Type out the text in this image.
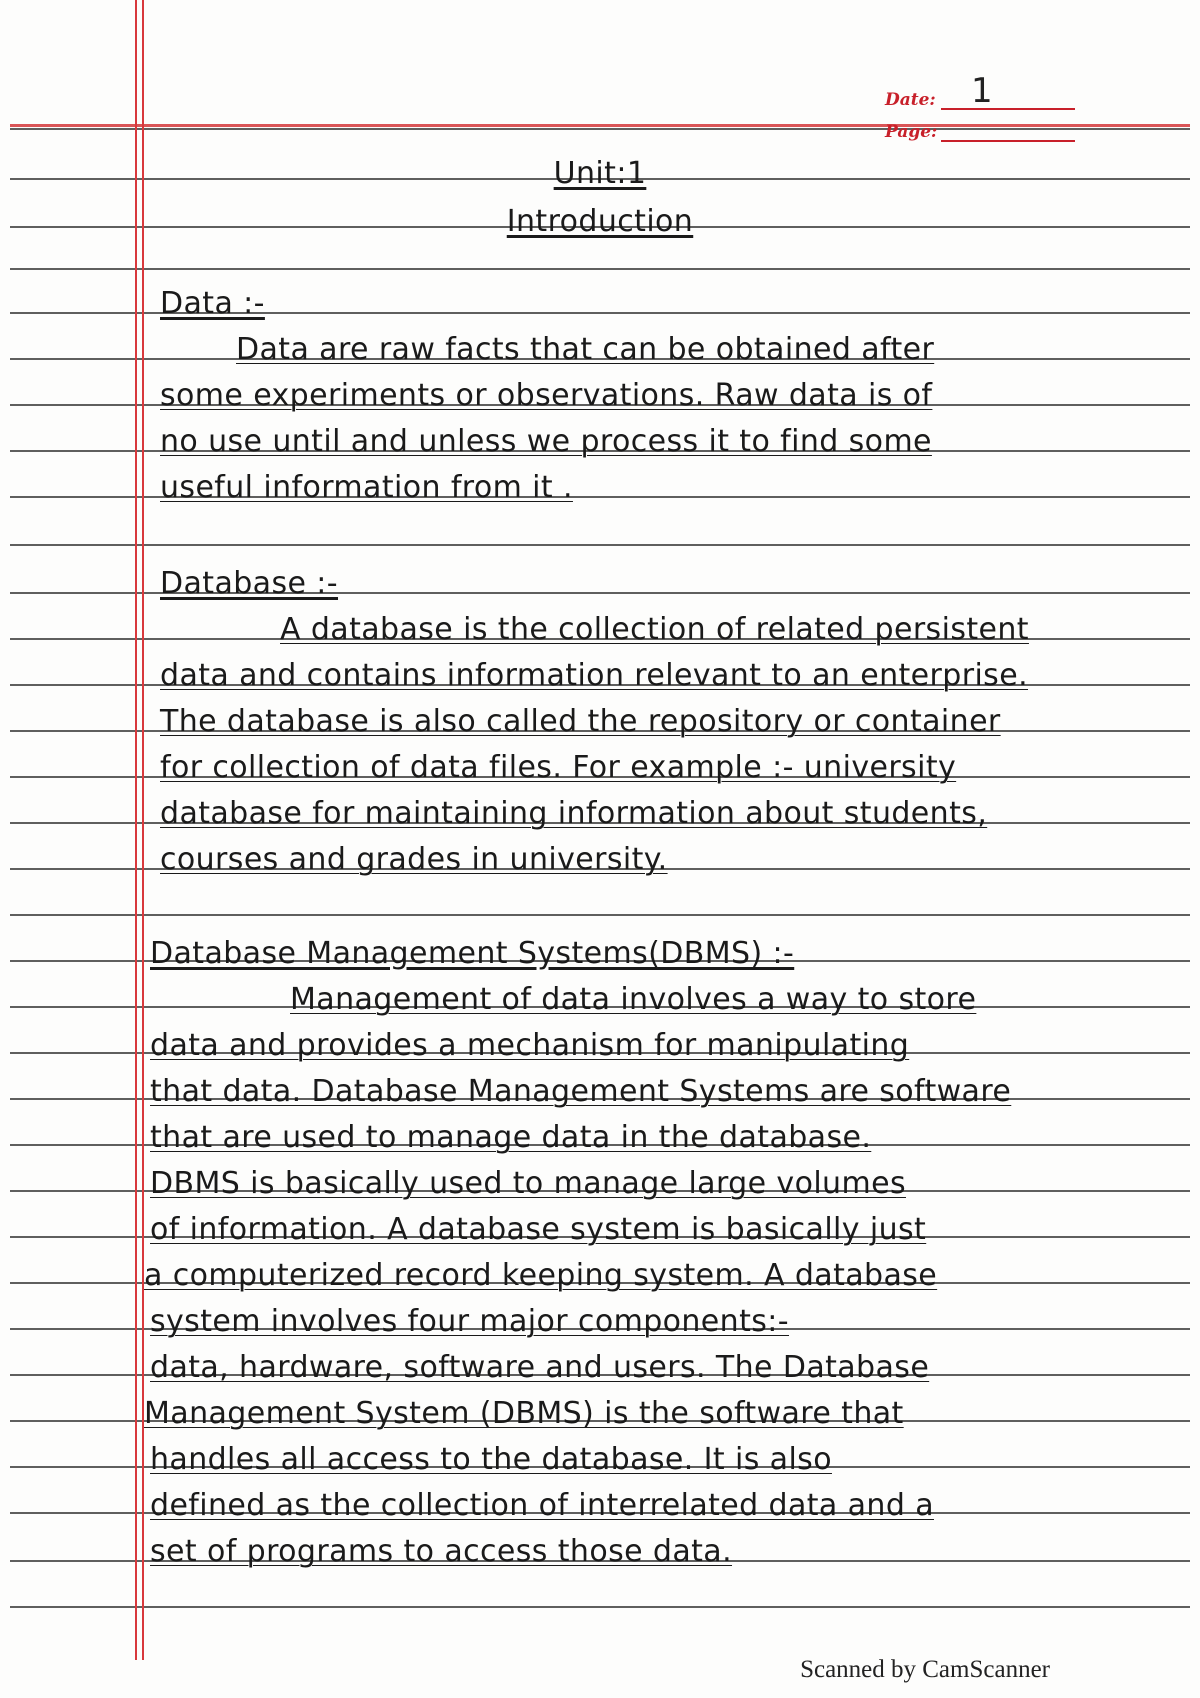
Date: 1
Page:
Unit:1
Introduction
Data :-
Data are raw facts that can be obtained after
some experiments or observations. Raw data is of
no use until and unless we process it to find some
useful information from it .
Database :-
A database is the collection of related persistent
data and contains information relevant to an enterprise.
The database is also called the repository or container
for collection of data files. For example :- university
database for maintaining information about students,
courses and grades in university.
Database Management Systems(DBMS) :-
Management of data involves a way to store
data and provides a mechanism for manipulating
that data. Database Management Systems are software
that are used to manage data in the database.
DBMS is basically used to manage large volumes
of information. A database system is basically just
a computerized record keeping system. A database
system involves four major components:-
data, hardware, software and users. The Database
Management System (DBMS) is the software that
handles all access to the database. It is also
defined as the collection of interrelated data and a
set of programs to access those data.
Scanned by CamScanner
